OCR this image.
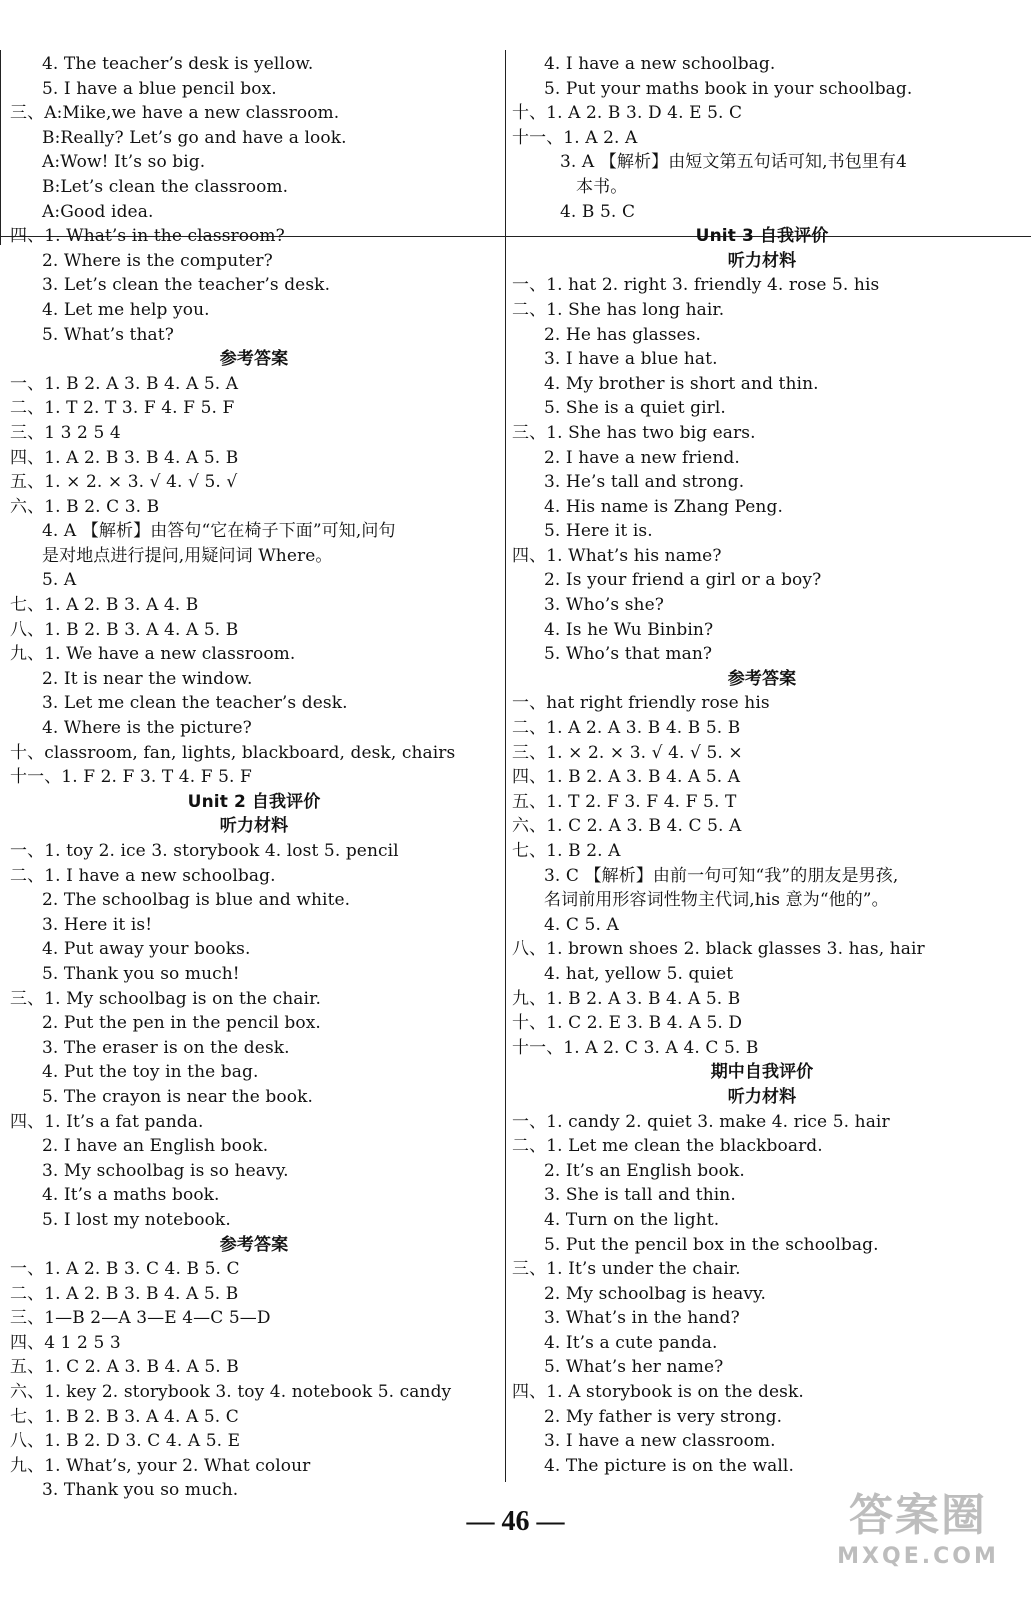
4. The teacher’s desk is yellow.
5. I have a blue pencil box.
三、A:Mike,we have a new classroom.
B:Really? Let’s go and have a look.
A:Wow! It’s so big.
B:Let’s clean the classroom.
A:Good idea.
四、1. What’s in the classroom?
2. Where is the computer?
3. Let’s clean the teacher’s desk.
4. Let me help you.
5. What’s that?
参考答案
一、1. B 2. A 3. B 4. A 5. A
二、1. T 2. T 3. F 4. F 5. F
三、1 3 2 5 4
四、1. A 2. B 3. B 4. A 5. B
五、1. × 2. × 3. √ 4. √ 5. √
六、1. B 2. C 3. B
4. A 【解析】由答句“它在椅子下面”可知,问句
是对地点进行提问,用疑问词 Where。
5. A
七、1. A 2. B 3. A 4. B
八、1. B 2. B 3. A 4. A 5. B
九、1. We have a new classroom.
2. It is near the window.
3. Let me clean the teacher’s desk.
4. Where is the picture?
十、classroom, fan, lights, blackboard, desk, chairs
十一、1. F 2. F 3. T 4. F 5. F
Unit 2 自我评价
听力材料
一、1. toy 2. ice 3. storybook 4. lost 5. pencil
二、1. I have a new schoolbag.
2. The schoolbag is blue and white.
3. Here it is!
4. Put away your books.
5. Thank you so much!
三、1. My schoolbag is on the chair.
2. Put the pen in the pencil box.
3. The eraser is on the desk.
4. Put the toy in the bag.
5. The crayon is near the book.
四、1. It’s a fat panda.
2. I have an English book.
3. My schoolbag is so heavy.
4. It’s a maths book.
5. I lost my notebook.
参考答案
一、1. A 2. B 3. C 4. B 5. C
二、1. A 2. B 3. B 4. A 5. B
三、1—B 2—A 3—E 4—C 5—D
四、4 1 2 5 3
五、1. C 2. A 3. B 4. A 5. B
六、1. key 2. storybook 3. toy 4. notebook 5. candy
七、1. B 2. B 3. A 4. A 5. C
八、1. B 2. D 3. C 4. A 5. E
九、1. What’s, your 2. What colour
3. Thank you so much.
4. I have a new schoolbag.
5. Put your maths book in your schoolbag.
十、1. A 2. B 3. D 4. E 5. C
十一、1. A 2. A
3. A 【解析】由短文第五句话可知,书包里有4
本书。
4. B 5. C
Unit 3 自我评价
听力材料
一、1. hat 2. right 3. friendly 4. rose 5. his
二、1. She has long hair.
2. He has glasses.
3. I have a blue hat.
4. My brother is short and thin.
5. She is a quiet girl.
三、1. She has two big ears.
2. I have a new friend.
3. He’s tall and strong.
4. His name is Zhang Peng.
5. Here it is.
四、1. What’s his name?
2. Is your friend a girl or a boy?
3. Who’s she?
4. Is he Wu Binbin?
5. Who’s that man?
参考答案
一、hat right friendly rose his
二、1. A 2. A 3. B 4. B 5. B
三、1. × 2. × 3. √ 4. √ 5. ×
四、1. B 2. A 3. B 4. A 5. A
五、1. T 2. F 3. F 4. F 5. T
六、1. C 2. A 3. B 4. C 5. A
七、1. B 2. A
3. C 【解析】由前一句可知“我”的朋友是男孩,
名词前用形容词性物主代词,his 意为“他的”。
4. C 5. A
八、1. brown shoes 2. black glasses 3. has, hair
4. hat, yellow 5. quiet
九、1. B 2. A 3. B 4. A 5. B
十、1. C 2. E 3. B 4. A 5. D
十一、1. A 2. C 3. A 4. C 5. B
期中自我评价
听力材料
一、1. candy 2. quiet 3. make 4. rice 5. hair
二、1. Let me clean the blackboard.
2. It’s an English book.
3. She is tall and thin.
4. Turn on the light.
5. Put the pencil box in the schoolbag.
三、1. It’s under the chair.
2. My schoolbag is heavy.
3. What’s in the hand?
4. It’s a cute panda.
5. What’s her name?
四、1. A storybook is on the desk.
2. My father is very strong.
3. I have a new classroom.
4. The picture is on the wall.
— 46 —	答案圈
MXQE.COM
